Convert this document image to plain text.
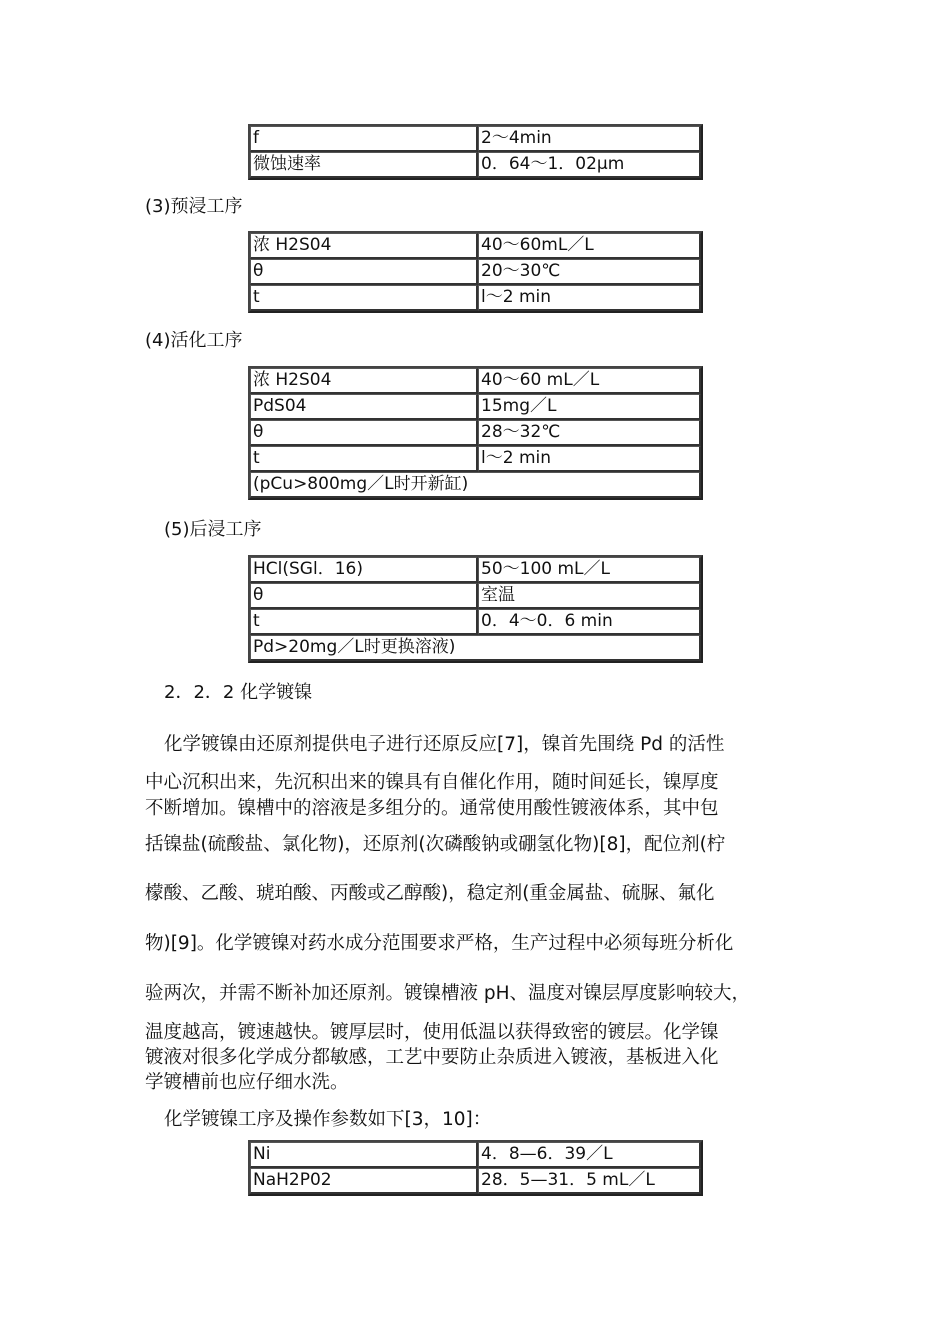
f	2～4min
微蚀速率	0．64～1．02μm
(3)预浸工序
浓 H2S04	40～60mL／L
θ	20～30℃
t	l～2 min
(4)活化工序
浓 H2S04	40～60 mL／L
PdS04	15mg／L
θ	28～32℃
t	l～2 min
(pCu>800mg／L时开新缸)	
(5)后浸工序
HCl(SGl．16)	50～100 mL／L
θ	室温
t	0．4～0．6 min
Pd>20mg／L时更换溶液)	
2．2．2 化学镀镍
化学镀镍由还原剂提供电子进行还原反应[7]，镍首先围绕 Pd 的活性
中心沉积出来，先沉积出来的镍具有自催化作用，随时间延长，镍厚度
不断增加。镍槽中的溶液是多组分的。通常使用酸性镀液体系，其中包
括镍盐(硫酸盐、氯化物)，还原剂(次磷酸钠或硼氢化物)[8]，配位剂(柠
檬酸、乙酸、琥珀酸、丙酸或乙醇酸)，稳定剂(重金属盐、硫脲、氟化
物)[9]。化学镀镍对药水成分范围要求严格，生产过程中必须每班分析化
验两次，并需不断补加还原剂。镀镍槽液 pH、温度对镍层厚度影响较大，
温度越高，镀速越快。镀厚层时，使用低温以获得致密的镀层。化学镍
镀液对很多化学成分都敏感，工艺中要防止杂质进入镀液，基板进入化
学镀槽前也应仔细水洗。
化学镀镍工序及操作参数如下[3，10]：
Ni	4．8—6．39／L
NaH2P02	28．5—31．5 mL／L
